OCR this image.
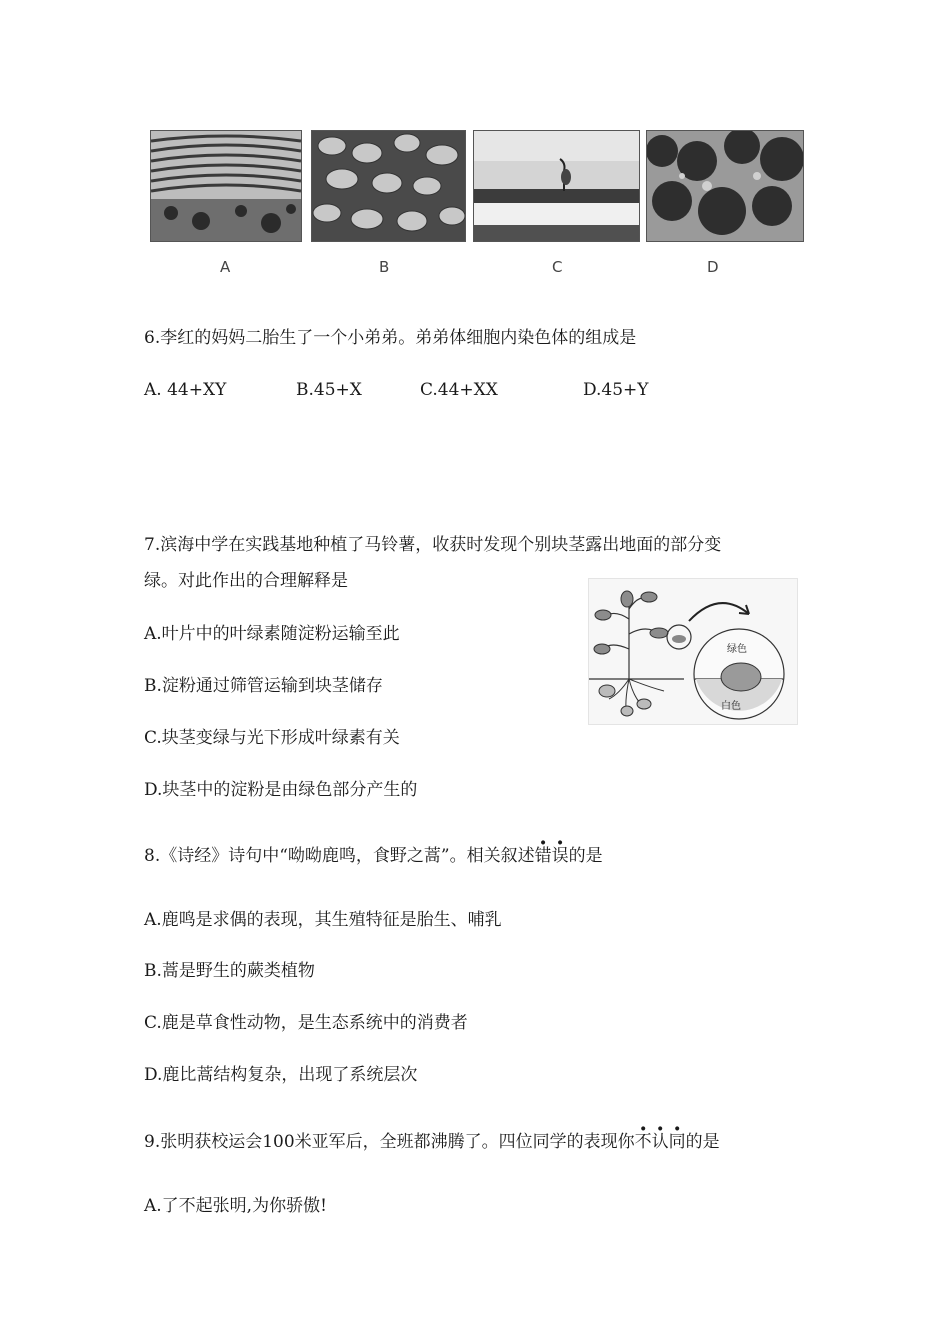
A	B	C	D
6.李红的妈妈二胎生了一个小弟弟。弟弟体细胞内染色体的组成是
A. 44+XY	B.45+X	C.44+XX	D.45+Y
7.滨海中学在实践基地种植了马铃薯，收获时发现个别块茎露出地面的部分变
绿。对此作出的合理解释是
A.叶片中的叶绿素随淀粉运输至此
B.淀粉通过筛管运输到块茎储存
C.块茎变绿与光下形成叶绿素有关
D.块茎中的淀粉是由绿色部分产生的
绿色
白色
8.《诗经》诗句中“呦呦鹿鸣，食野之蒿”。相关叙述错误的是
A.鹿鸣是求偶的表现，其生殖特征是胎生、哺乳
B.蒿是野生的蕨类植物
C.鹿是草食性动物，是生态系统中的消费者
D.鹿比蒿结构复杂，出现了系统层次
9.张明获校运会100米亚军后，全班都沸腾了。四位同学的表现你不认同的是
A.了不起张明,为你骄傲!
